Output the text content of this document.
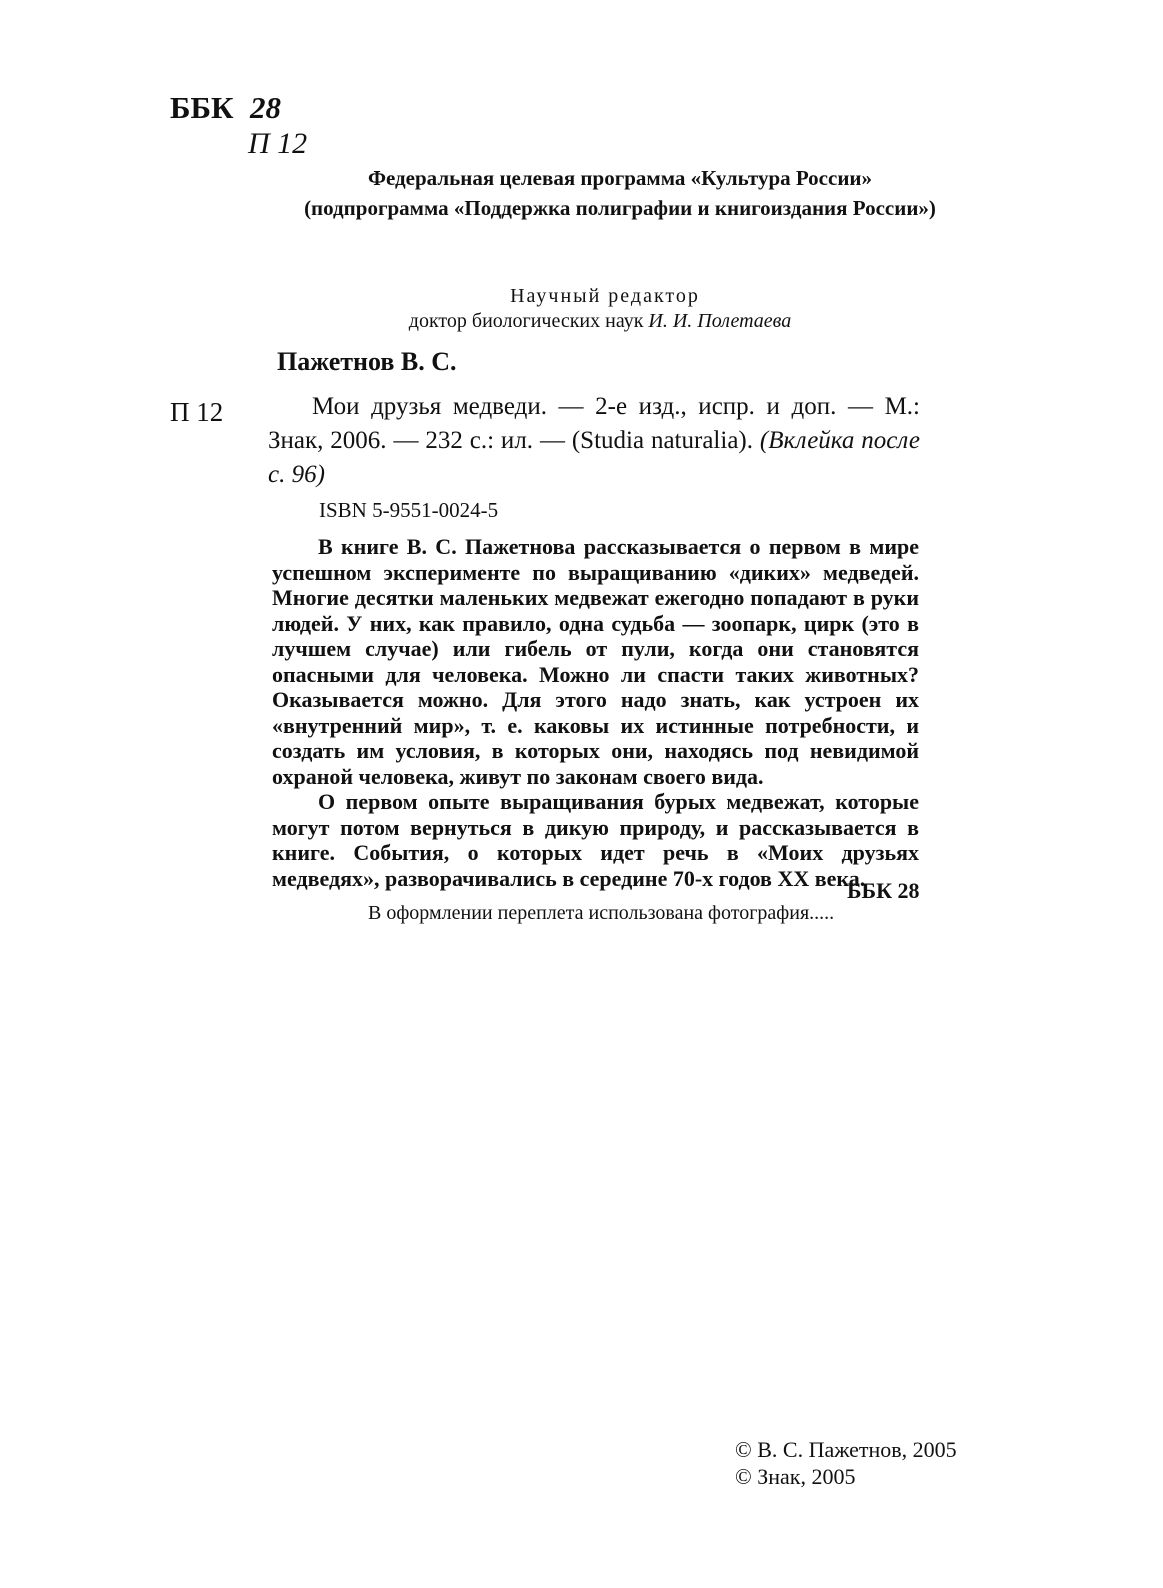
ББК 28
П 12
Федеральная целевая программа «Культура России»
(подпрограмма «Поддержка полиграфии и книгоиздания России»)
Научный редактор
доктор биологических наук И. И. Полетаева
Пажетнов В. С.
П 12	Мои друзья медведи. — 2-е изд., испр. и доп. — М.: Знак, 2006. — 232 с.: ил. — (Studia naturalia). (Вклейка после с. 96)
ISBN 5-9551-0024-5

В книге В. С. Пажетнова рассказывается о первом в мире успешном эксперименте по выращиванию «диких» медведей. Многие десятки маленьких медвежат ежегодно попадают в руки людей. У них, как правило, одна судьба — зоопарк, цирк (это в лучшем случае) или гибель от пули, когда они становятся опасными для человека. Можно ли спасти таких животных? Оказывается можно. Для этого надо знать, как устроен их «внутренний мир», т. е. каковы их истинные потребности, и создать им условия, в которых они, находясь под невидимой охраной человека, живут по законам своего вида.

О первом опыте выращивания бурых медвежат, которые могут потом вернуться в дикую природу, и рассказывается в книге. События, о которых идет речь в «Моих друзьях медведях», разворачивались в середине 70-х годов XX века.

ББК 28
В оформлении переплета использована фотография.....
© В. С. Пажетнов, 2005
© Знак, 2005
